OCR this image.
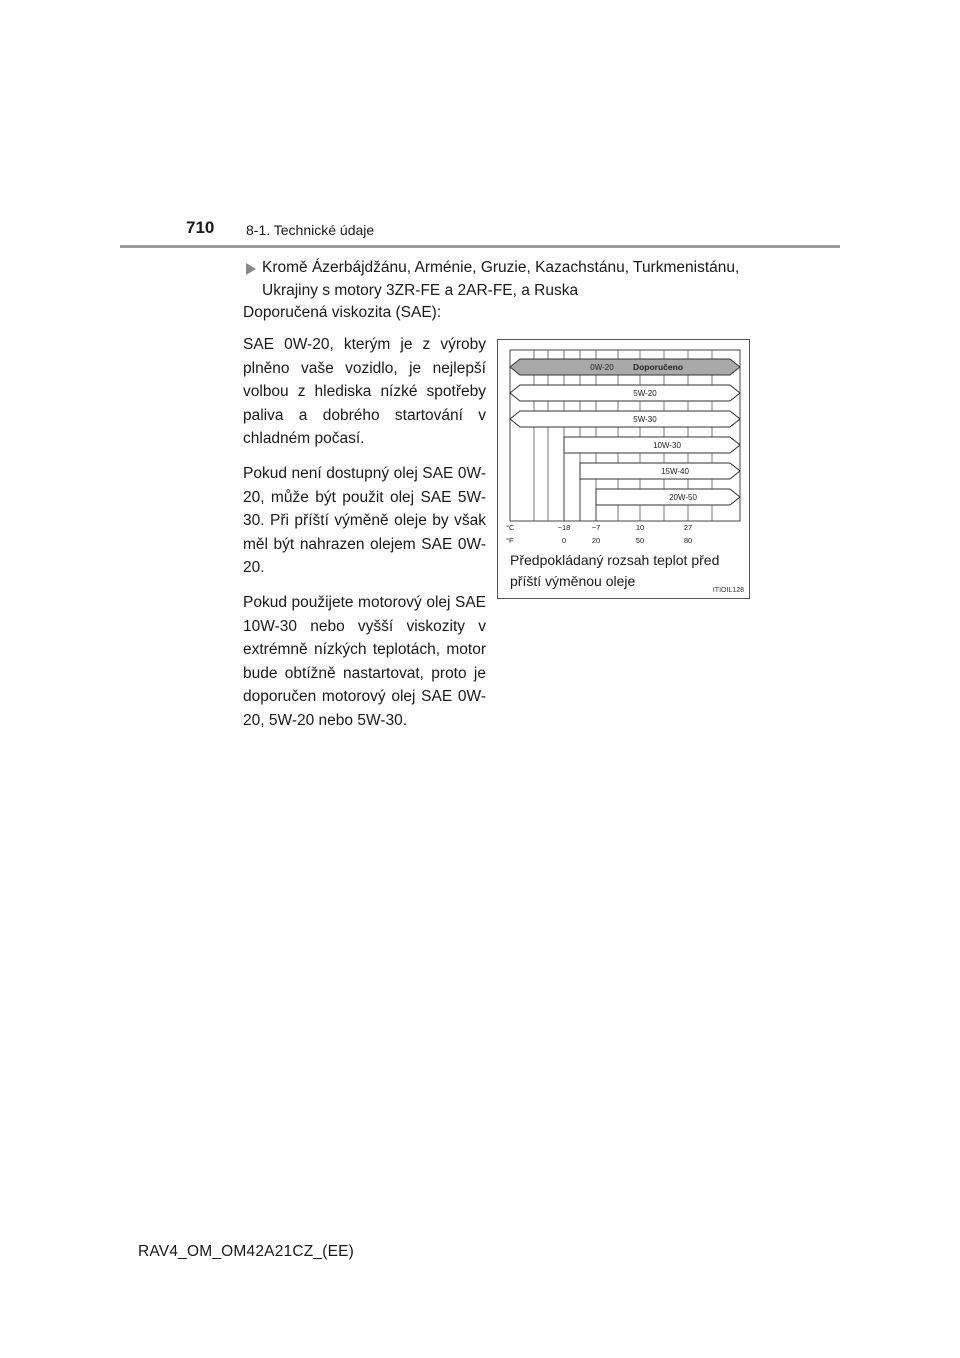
710 8-1. Technické údaje
Kromě Ázerbájdžánu, Arménie, Gruzie, Kazachstánu, Turkmenistánu, Ukrajiny s motory 3ZR-FE a 2AR-FE, a Ruska
Doporučená viskozita (SAE):

SAE 0W-20, kterým je z výroby plněno vaše vozidlo, je nejlepší volbou z hlediska nízké spotřeby paliva a dobrého startování v chladném počasí.

Pokud není dostupný olej SAE 0W-20, může být použit olej SAE 5W-30. Při příští výměně oleje by však měl být nahrazen olejem SAE 0W-20.

Pokud použijete motorový olej SAE 10W-30 nebo vyšší viskozity v extrémně nízkých teplotách, motor bude obtížně nastartovat, proto je doporučen motorový olej SAE 0W-20, 5W-20 nebo 5W-30.

0W-20 Doporučeno
5W-20
5W-30
10W-30
15W-40
20W-50
°C
°F
−18	−7	10	27
0	20	50	80
Předpokládaný rozsah teplot před příští výměnou oleje
ITIOIL128
RAV4_OM_OM42A21CZ_(EE)
